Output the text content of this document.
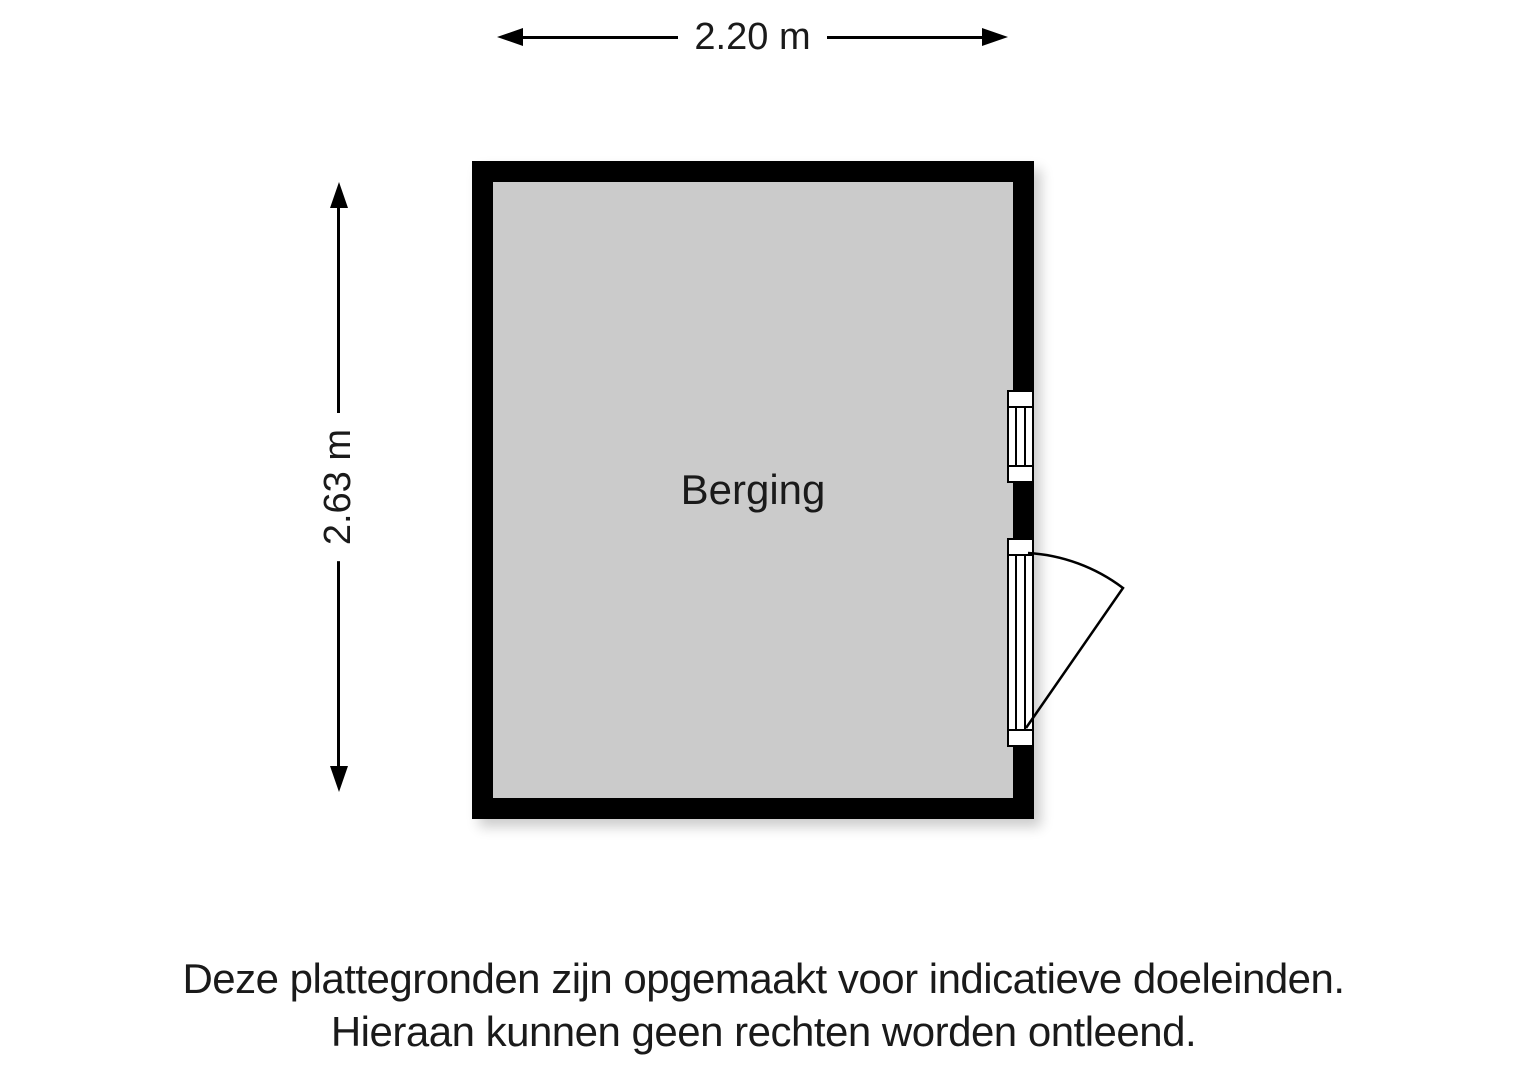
2.20 m
2.63 m	Berging
Deze plattegronden zijn opgemaakt voor indicatieve doeleinden.
Hieraan kunnen geen rechten worden ontleend.
